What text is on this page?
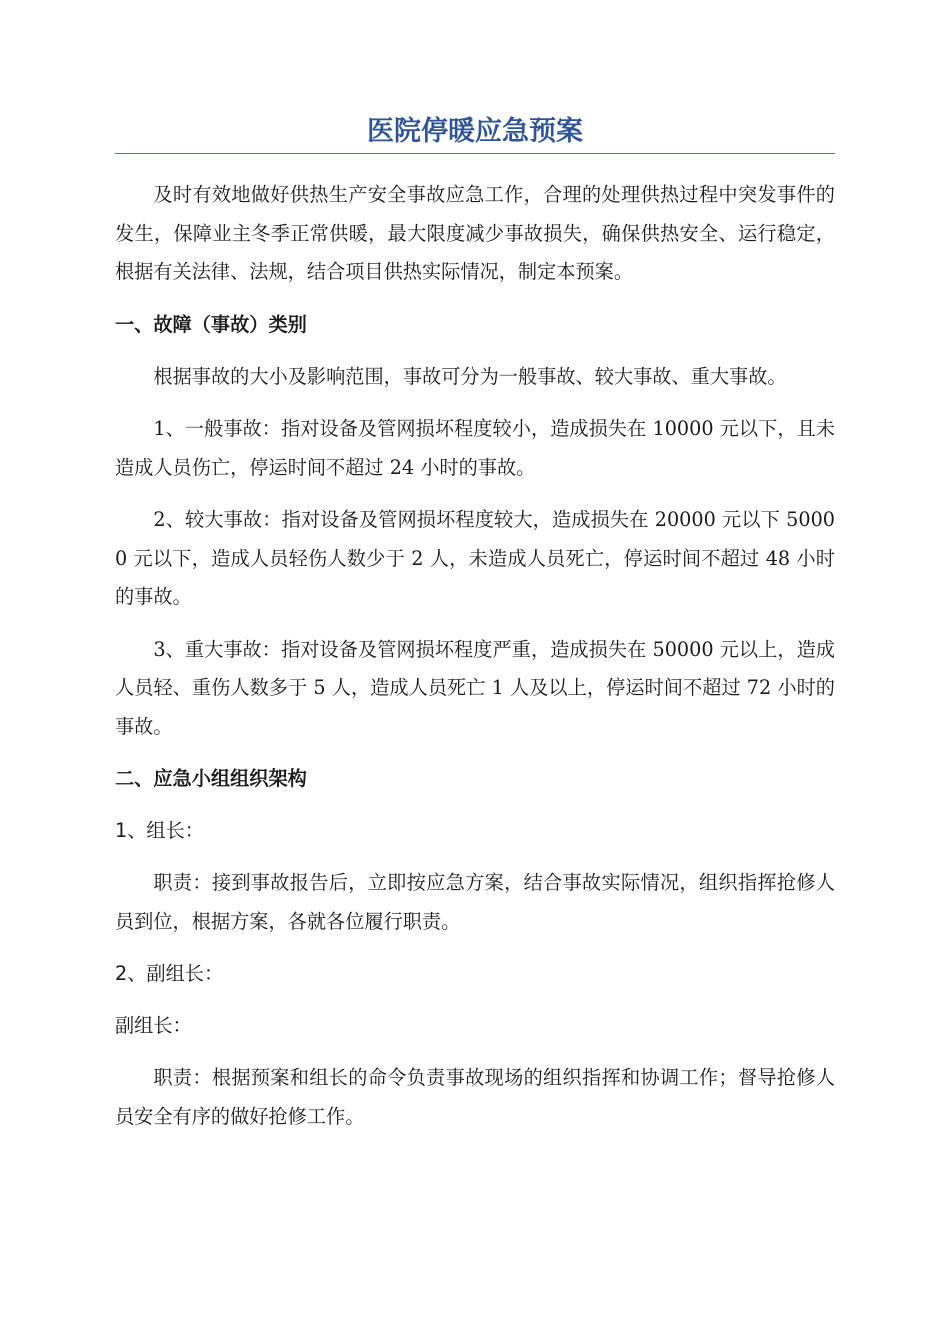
医院停暖应急预案

及时有效地做好供热生产安全事故应急工作，合理的处理供热过程中突发事件的发生，保障业主冬季正常供暖，最大限度减少事故损失，确保供热安全、运行稳定，根据有关法律、法规，结合项目供热实际情况，制定本预案。

一、故障（事故）类别

根据事故的大小及影响范围，事故可分为一般事故、较大事故、重大事故。

1、一般事故：指对设备及管网损坏程度较小，造成损失在 10000 元以下，且未造成人员伤亡，停运时间不超过 24 小时的事故。

2、较大事故：指对设备及管网损坏程度较大，造成损失在 20000 元以下 50000 元以下，造成人员轻伤人数少于 2 人，未造成人员死亡，停运时间不超过 48 小时的事故。

3、重大事故：指对设备及管网损坏程度严重，造成损失在 50000 元以上，造成人员轻、重伤人数多于 5 人，造成人员死亡 1 人及以上，停运时间不超过 72 小时的事故。

二、应急小组组织架构
1、组长：

职责：接到事故报告后，立即按应急方案，结合事故实际情况，组织指挥抢修人员到位，根据方案，各就各位履行职责。

2、副组长：
副组长：

职责：根据预案和组长的命令负责事故现场的组织指挥和协调工作；督导抢修人员安全有序的做好抢修工作。
